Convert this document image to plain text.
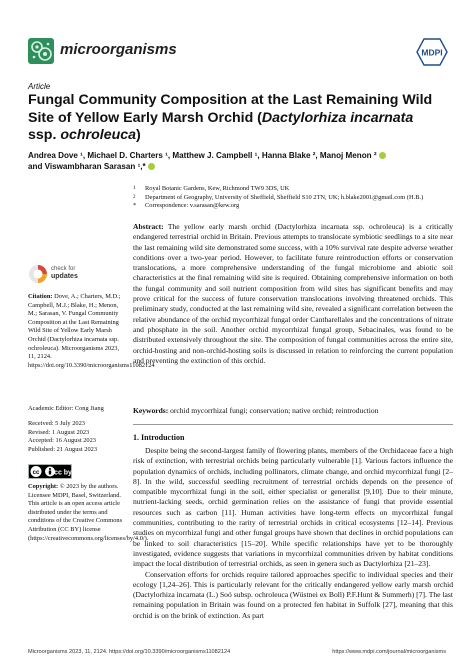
microorganisms	MDPI
Article
Fungal Community Composition at the Last Remaining Wild
Site of Yellow Early Marsh Orchid (Dactylorhiza incarnata
ssp. ochroleuca)
Andrea Dove ¹, Michael D. Charters ¹, Matthew J. Campbell ¹, Hanna Blake ², Manoj Menon ²
and Viswambharan Sarasan ¹,*
1	Royal Botanic Gardens, Kew, Richmond TW9 3DS, UK
2	Department of Geography, University of Sheffield, Sheffield S10 2TN, UK; h.blake2001@gmail.com (H.B.)
*	Correspondence: v.sarasan@kew.org
Abstract: The yellow early marsh orchid (Dactylorhiza incarnata ssp. ochroleuca) is a critically endangered terrestrial orchid in Britain. Previous attempts to translocate symbiotic seedlings to a site near the last remaining wild site demonstrated some success, with a 10% survival rate despite adverse weather conditions over a two-year period. However, to facilitate future reintroduction efforts or conservation translocations, a more comprehensive understanding of the fungal microbiome and abiotic soil characteristics at the final remaining wild site is required. Obtaining comprehensive information on both the fungal community and soil nutrient composition from wild sites has significant benefits and may prove critical for the success of future conservation translocations involving threatened orchids. This preliminary study, conducted at the last remaining wild site, revealed a significant correlation between the relative abundance of the orchid mycorrhizal fungal order Cantharellales and the concentrations of nitrate and phosphate in the soil. Another orchid mycorrhizal fungal group, Sebacinales, was found to be distributed extensively throughout the site. The composition of fungal communities across the entire site, orchid-hosting and non-orchid-hosting soils is discussed in relation to reinforcing the current population and preventing the extinction of this orchid.
Keywords: orchid mycorrhizal fungi; conservation; native orchid; reintroduction
check for
updates
Citation: Dove, A.; Charters, M.D.; Campbell, M.J.; Blake, H.; Menon, M.; Sarasan, V. Fungal Community Composition at the Last Remaining Wild Site of Yellow Early Marsh Orchid (Dactylorhiza incarnata ssp. ochroleuca). Microorganisms 2023, 11, 2124. https://doi.org/10.3390/microorganisms11082124
Academic Editor: Cong Jiang
Received: 5 July 2023
Revised: 1 August 2023
Accepted: 16 August 2023
Published: 21 August 2023
cc cc by
Copyright: © 2023 by the authors. Licensee MDPI, Basel, Switzerland. This article is an open access article distributed under the terms and conditions of the Creative Commons Attribution (CC BY) license (https://creativecommons.org/licenses/by/4.0/).
1. Introduction

Despite being the second-largest family of flowering plants, members of the Orchidaceae face a high risk of extinction, with terrestrial orchids being particularly vulnerable [1]. Various factors influence the population dynamics of orchids, including pollinators, climate change, and orchid mycorrhizal fungi [2–8]. In the wild, successful seedling recruitment of terrestrial orchids depends on the presence of compatible mycorrhizal fungi in the soil, either specialist or generalist [9,10]. Due to their minute, nutrient-lacking seeds, orchid germination relies on the assistance of fungi that provide essential resources such as carbon [11]. Human activities have long-term effects on mycorrhizal fungal communities, contributing to the rarity of terrestrial orchids in critical ecosystems [12–14]. Previous studies on mycorrhizal fungi and other fungal groups have shown that declines in orchid populations can be linked to soil characteristics [15–20]. While specific relationships have yet to be thoroughly investigated, evidence suggests that variations in mycorrhizal communities driven by habitat conditions impact the local distribution of terrestrial orchids, as seen in genera such as Dactylorhiza [21–23].

Conservation efforts for orchids require tailored approaches specific to individual species and their ecology [1,24–26]. This is particularly relevant for the critically endangered yellow early marsh orchid (Dactylorhiza incarnata (L.) Soó subsp. ochroleuca (Wüstnei ex Boll) P.F.Hunt & Summerh) [7]. The last remaining population in Britain was found on a protected fen habitat in Suffolk [27], meaning that this orchid is on the brink of extinction. As part

Microorganisms 2023, 11, 2124. https://doi.org/10.3390/microorganisms11082124	https://www.mdpi.com/journal/microorganisms
